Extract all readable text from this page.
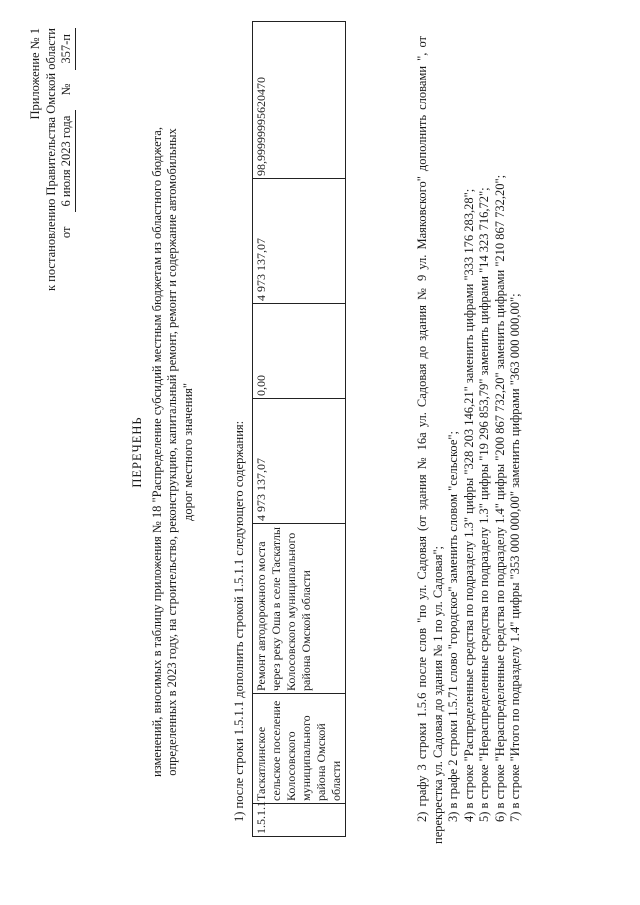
Приложение № 1 к постановлению Правительства Омской области от
6 июля 2023 года
№
357-п
ПЕРЕЧЕНЬ изменений, вносимых в таблицу приложения № 18 "Распределение субсидий местным бюджетам из областного бюджета, определенных в 2023 году, на строительство, реконструкцию, капитальный ремонт, ремонт и содержание автомобильных дорог местного значения"	1) после строки 1.5.1.1 дополнить строкой 1.5.1.1 следующего содержания: 1.5.1.1	Таскатлинское сельское поселение Колосовского муниципального района Омской области	Ремонт автодорожного моста через реку Оша в селе Таскатлы Колосовского муниципального района Омской области	4 973 137,07	0,00	4 973 137,07	98,99999995620470	2) графу 3 строки 1.5.6 после слов "по ул. Садовая (от здания № 16а ул. Садовая до здания № 9 ул. Маяковского" дополнить словами ", от перекрестка ул. Садовая до здания № 1 по ул. Садовая"; 3) в графе 2 строки 1.5.71 слово "городское" заменить словом "сельское"; 4) в строке "Распределенные средства по подразделу 1.3" цифры "328 203 146,21" заменить цифрами "333 176 283,28"; 5) в строке "Нераспределенные средства по подразделу 1.3" цифры "19 296 853,79" заменить цифрами "14 323 716,72"; 6) в строке "Нераспределенные средства по подразделу 1.4" цифры "200 867 732,20" заменить цифрами "210 867 732,20"; 7) в строке "Итого по подразделу 1.4" цифры "353 000 000,00" заменить цифрами "363 000 000,00";
